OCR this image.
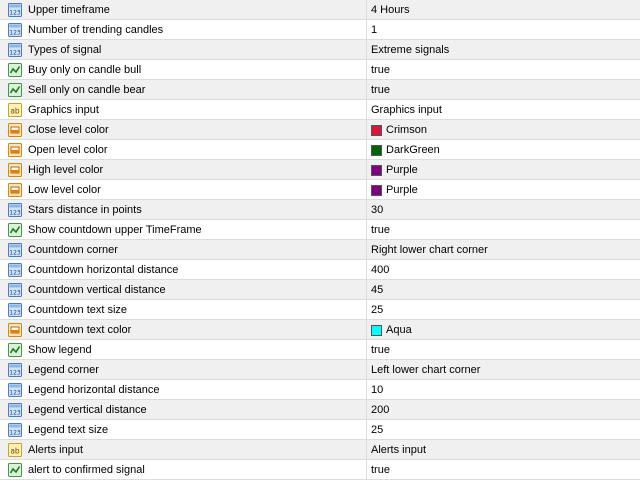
123 Upper timeframe	4 Hours
123 Number of trending candles	1
123 Types of signal	Extreme signals
Buy only on candle bull	true
Sell only on candle bear	true
ab Graphics input	Graphics input
Close level color	Crimson
Open level color	DarkGreen
High level color	Purple
Low level color	Purple
123 Stars distance in points	30
Show countdown upper TimeFrame	true
123 Countdown corner	Right lower chart corner
123 Countdown horizontal distance	400
123 Countdown vertical distance	45
123 Countdown text size	25
Countdown text color	Aqua
Show legend	true
123 Legend corner	Left lower chart corner
123 Legend horizontal distance	10
123 Legend vertical distance	200
123 Legend text size	25
ab Alerts input	Alerts input
alert to confirmed signal	true
